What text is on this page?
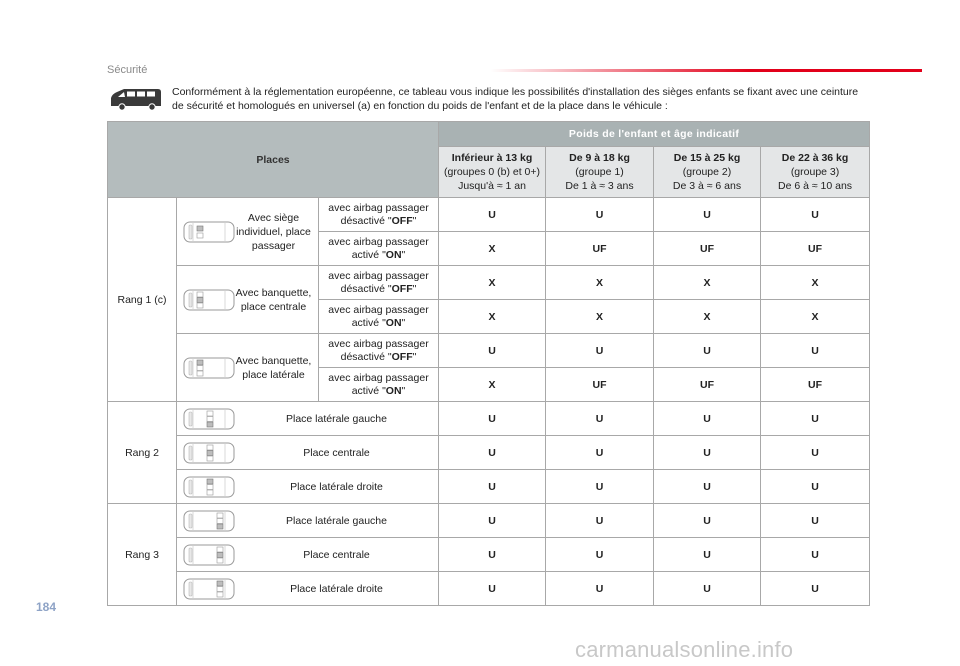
Sécurité
Conformément à la réglementation européenne, ce tableau vous indique les possibilités d'installation des sièges enfants se fixant avec une ceinture de sécurité et homologués en universel (a) en fonction du poids de l'enfant et de la place dans le véhicule :
Places			Poids de l'enfant et âge indicatif			
			Inférieur à 13 kg
(groupes 0 (b) et 0+)
Jusqu'à ≈ 1 an	De 9 à 18 kg
(groupe 1)
De 1 à ≈ 3 ans	De 15 à 25 kg
(groupe 2)
De 3 à ≈ 6 ans	De 22 à 36 kg
(groupe 3)
De 6 à ≈ 10 ans
Rang 1 (c)	Avec siège individuel, place passager	avec airbag passager désactivé "OFF"	U	U	U	U
		avec airbag passager activé "ON"	X	UF	UF	UF

	Avec banquette, place centrale	avec airbag passager désactivé "OFF"	X	X	X	X
		avec airbag passager activé "ON"	X	X	X	X

	Avec banquette, place latérale	avec airbag passager désactivé "OFF"	U	U	U	U
		avec airbag passager activé "ON"	X	UF	UF	UF
Rang 2	Place latérale gauche		U	U	U	U

	Place centrale		U	U	U	U

	Place latérale droite		U	U	U	U
Rang 3	Place latérale gauche		U	U	U	U

	Place centrale		U	U	U	U

	Place latérale droite		U	U	U	U
184
carmanualsonline.info
